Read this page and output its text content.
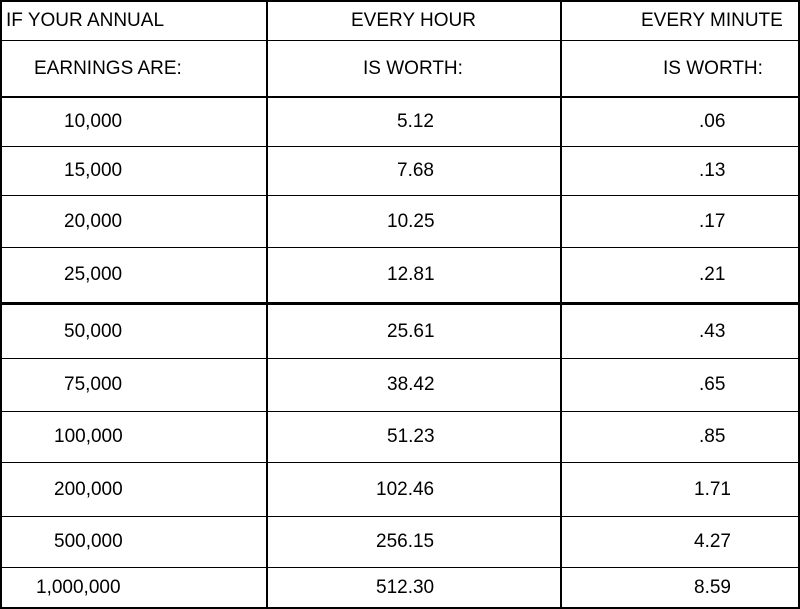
IF YOUR ANNUAL	EVERY HOUR	EVERY MINUTE
EARNINGS ARE:	IS WORTH:	IS WORTH:
10,000	5.12	.06
15,000	7.68	.13
20,000	10.25	.17
25,000	12.81	.21
50,000	25.61	.43
75,000	38.42	.65
100,000	51.23	.85
200,000	102.46	1.71
500,000	256.15	4.27
1,000,000	512.30	8.59
